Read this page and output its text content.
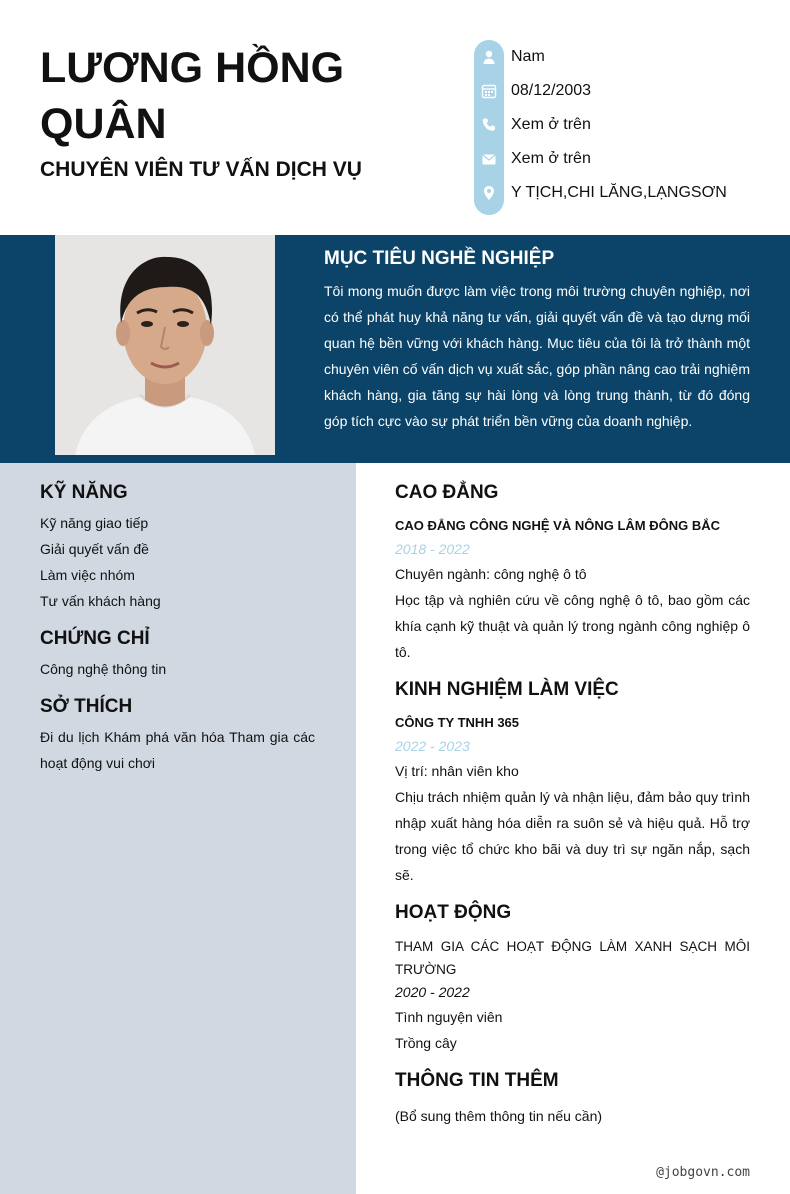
LƯƠNG HỒNG QUÂN
CHUYÊN VIÊN TƯ VẤN DỊCH VỤ
Nam
08/12/2003
Xem ở trên
Xem ở trên
Y TỊCH,CHI LĂNG,LẠNGSƠN
MỤC TIÊU NGHỀ NGHIỆP
Tôi mong muốn được làm việc trong môi trường chuyên nghiệp, nơi có thể phát huy khả năng tư vấn, giải quyết vấn đề và tạo dựng mối quan hệ bền vững với khách hàng. Mục tiêu của tôi là trở thành một chuyên viên cố vấn dịch vụ xuất sắc, góp phần nâng cao trải nghiệm khách hàng, gia tăng sự hài lòng và lòng trung thành, từ đó đóng góp tích cực vào sự phát triển bền vững của doanh nghiệp.
KỸ NĂNG
Kỹ năng giao tiếp
Giải quyết vấn đề
Làm việc nhóm
Tư vấn khách hàng
CHỨNG CHỈ
Công nghệ thông tin
SỞ THÍCH
Đi du lịch Khám phá văn hóa Tham gia các hoạt động vui chơi
CAO ĐẲNG
CAO ĐẲNG CÔNG NGHỆ VÀ NÔNG LÂM ĐÔNG BẮC
2018 - 2022
Chuyên ngành: công nghệ ô tô
Học tập và nghiên cứu về công nghệ ô tô, bao gồm các khía cạnh kỹ thuật và quản lý trong ngành công nghiệp ô tô.
KINH NGHIỆM LÀM VIỆC
CÔNG TY TNHH 365
2022 - 2023
Vị trí: nhân viên kho
Chịu trách nhiệm quản lý và nhận liệu, đảm bảo quy trình nhập xuất hàng hóa diễn ra suôn sẻ và hiệu quả. Hỗ trợ trong việc tổ chức kho bãi và duy trì sự ngăn nắp, sạch sẽ.
HOẠT ĐỘNG
THAM GIA CÁC HOẠT ĐỘNG LÀM XANH SẠCH MÔI TRƯỜNG
2020 - 2022
Tình nguyện viên
Trồng cây
THÔNG TIN THÊM
(Bổ sung thêm thông tin nếu cần)
@jobgovn.com
